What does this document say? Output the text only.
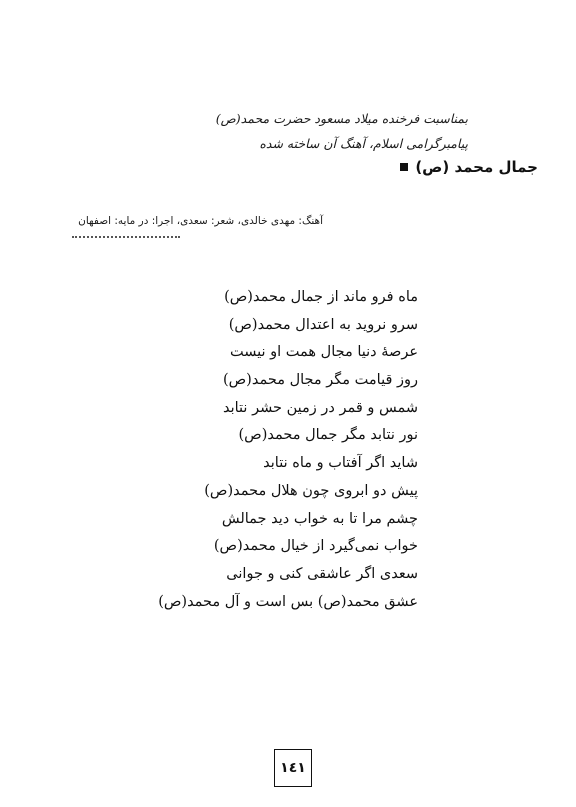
بمناسبت فرخنده میلاد مسعود حضرت محمد(ص)
پیامبرگرامی اسلام، آهنگ آن ساخته شده
جمال محمد (ص)
آهنگ: مهدی خالدی، شعر: سعدی، اجرا: در مایه: اصفهان
ماه فرو ماند از جمال محمد(ص)
سرو نروید به اعتدال محمد(ص)
عرصهٔ دنیا مجال همت او نیست
روز قیامت مگر مجال محمد(ص)
شمس و قمر در زمین حشر نتابد
نور نتابد مگر جمال محمد(ص)
شاید اگر آفتاب و ماه نتابد
پیش دو ابروی چون هلال محمد(ص)
چشم مرا تا به خواب دید جمالش
خواب نمی‌گیرد از خیال محمد(ص)
سعدی اگر عاشقی کنی و جوانی
عشق محمد(ص) بس است و آل محمد(ص)
١٤١
